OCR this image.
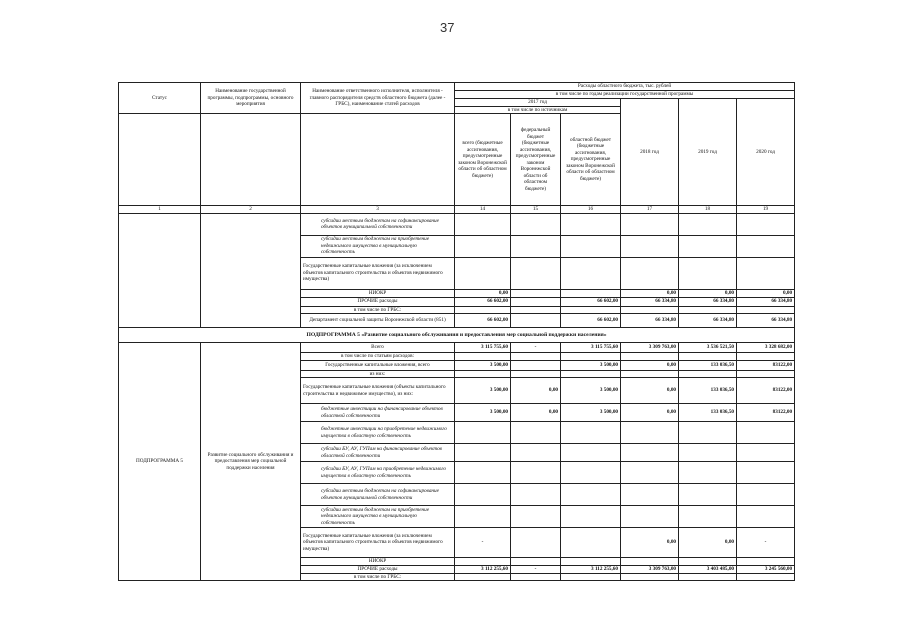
37
Статус	Наименование государственной программы, подпрограммы, основного мероприятия	Наименование ответственного исполнителя, исполнителя - главного распорядителя средств областного бюджета (далее - ГРБС), наименование статей расходов	Расходы областного бюджета, тыс. рублей					
			в том числе по годам реализации государственной программы					
			2017 год			2018 год	2019 год	2020 год
			в том числе по источникам					
			всего (бюджетные ассигнования, предусмотренные законом Воронежской области об областном бюджете)	федеральный бюджет (бюджетные ассигнования, предусмотренные законом Воронежской области об областном бюджете)	областной бюджет (бюджетные ассигнования, предусмотренные законом Воронежской области об областном бюджете)			
1	2	3	14	15	16	17	18	19
		субсидии местным бюджетам на софинансирование объектов муниципальной собственности						
		субсидии местным бюджетам на приобретение недвижимого имущества в муниципальную собственность						
		Государственные капитальные вложения (за исключением объектов капитального строительства и объектов недвижимого имущества)						
		НИОКР	0,00			0,00	0,00	0,00
		ПРОЧИЕ расходы	66 602,00		66 602,00	66 334,80	66 334,80	66 334,80
		в том числе по ГРБС:						
		Департамент социальной защиты Воронежской области (851)	66 602,00		66 602,00	66 334,80	66 334,80	66 334,80
ПОДПРОГРАММА 5 «Развитие социального обслуживания и предоставления мер социальной поддержки населения»								
ПОДПРОГРАММА 5	Развитие социального обслуживания и предоставления мер социальной поддержки населения	Всего	3 115 755,60	-	3 115 755,60	3 309 763,00	3 536 521,50	3 328 682,00
		в том числе по статьям расходов:						
		Государственные капитальные вложения, всего	3 500,00		3 500,00	0,00	133 036,50	83122,00
		из них:						
		Государственные капитальные вложения (объекты капитального строительства и недвижимое имущество), из них:	3 500,00	0,00	3 500,00	0,00	133 036,50	83122,00
		бюджетные инвестиции на финансирование объектов областной собственности	3 500,00	0,00	3 500,00	0,00	133 036,50	83122,00
		бюджетные инвестиции на приобретение недвижимого имущества в областную собственность						
		субсидии БУ, АУ, ГУПам на финансирование объектов областной собственности						
		субсидии БУ, АУ, ГУПам на приобретение недвижимого имущества в областную собственность						
		субсидии местным бюджетам на софинансирование объектов муниципальной собственности						
		субсидии местным бюджетам на приобретение недвижимого имущества в муниципальную собственность						
		Государственные капитальные вложения (за исключением объектов капитального строительства и объектов недвижимого имущества)	-			0,00	0,00	-
		НИОКР						
		ПРОЧИЕ расходы	3 112 255,60	-	3 112 255,60	3 309 763,00	3 403 485,00	3 245 560,00
		в том числе по ГРБС:						
